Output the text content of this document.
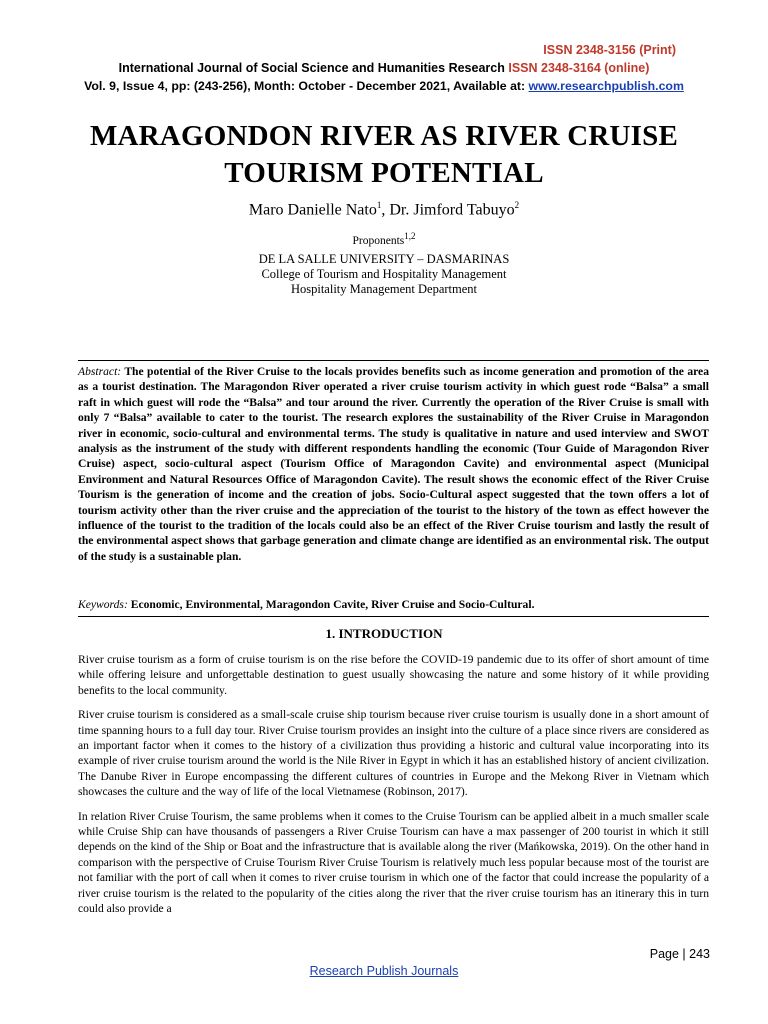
ISSN 2348-3156 (Print)
International Journal of Social Science and Humanities Research ISSN 2348-3164 (online)
Vol. 9, Issue 4, pp: (243-256), Month: October - December 2021, Available at: www.researchpublish.com
MARAGONDON RIVER AS RIVER CRUISE TOURISM POTENTIAL
Maro Danielle Nato$^1$, Dr. Jimford Tabuyo$^2$
Proponents$^{1,2}$
DE LA SALLE UNIVERSITY – DASMARINAS
College of Tourism and Hospitality Management
Hospitality Management Department
Abstract: The potential of the River Cruise to the locals provides benefits such as income generation and promotion of the area as a tourist destination. The Maragondon River operated a river cruise tourism activity in which guest rode “Balsa” a small raft in which guest will rode the “Balsa” and tour around the river. Currently the operation of the River Cruise is small with only 7 “Balsa” available to cater to the tourist. The research explores the sustainability of the River Cruise in Maragondon river in economic, socio-cultural and environmental terms. The study is qualitative in nature and used interview and SWOT analysis as the instrument of the study with different respondents handling the economic (Tour Guide of Maragondon River Cruise) aspect, socio-cultural aspect (Tourism Office of Maragondon Cavite) and environmental aspect (Municipal Environment and Natural Resources Office of Maragondon Cavite). The result shows the economic effect of the River Cruise Tourism is the generation of income and the creation of jobs. Socio-Cultural aspect suggested that the town offers a lot of tourism activity other than the river cruise and the appreciation of the tourist to the history of the town as effect however the influence of the tourist to the tradition of the locals could also be an effect of the River Cruise tourism and lastly the result of the environmental aspect shows that garbage generation and climate change are identified as an environmental risk. The output of the study is a sustainable plan.
Keywords: Economic, Environmental, Maragondon Cavite, River Cruise and Socio-Cultural.
1. INTRODUCTION

River cruise tourism as a form of cruise tourism is on the rise before the COVID-19 pandemic due to its offer of short amount of time while offering leisure and unforgettable destination to guest usually showcasing the nature and some history of it while providing benefits to the local community.

River cruise tourism is considered as a small-scale cruise ship tourism because river cruise tourism is usually done in a short amount of time spanning hours to a full day tour. River Cruise tourism provides an insight into the culture of a place since rivers are considered as an important factor when it comes to the history of a civilization thus providing a historic and cultural value incorporating into its example of river cruise tourism around the world is the Nile River in Egypt in which it has an established history of ancient civilization. The Danube River in Europe encompassing the different cultures of countries in Europe and the Mekong River in Vietnam which showcases the culture and the way of life of the local Vietnamese (Robinson, 2017).

In relation River Cruise Tourism, the same problems when it comes to the Cruise Tourism can be applied albeit in a much smaller scale while Cruise Ship can have thousands of passengers a River Cruise Tourism can have a max passenger of 200 tourist in which it still depends on the kind of the Ship or Boat and the infrastructure that is available along the river (Mańkowska, 2019). On the other hand in comparison with the perspective of Cruise Tourism River Cruise Tourism is relatively much less popular because most of the tourist are not familiar with the port of call when it comes to river cruise tourism in which one of the factor that could increase the popularity of a river cruise tourism is the related to the popularity of the cities along the river that the river cruise tourism has an itinerary this in turn could also provide a

Page | 243
Research Publish Journals
